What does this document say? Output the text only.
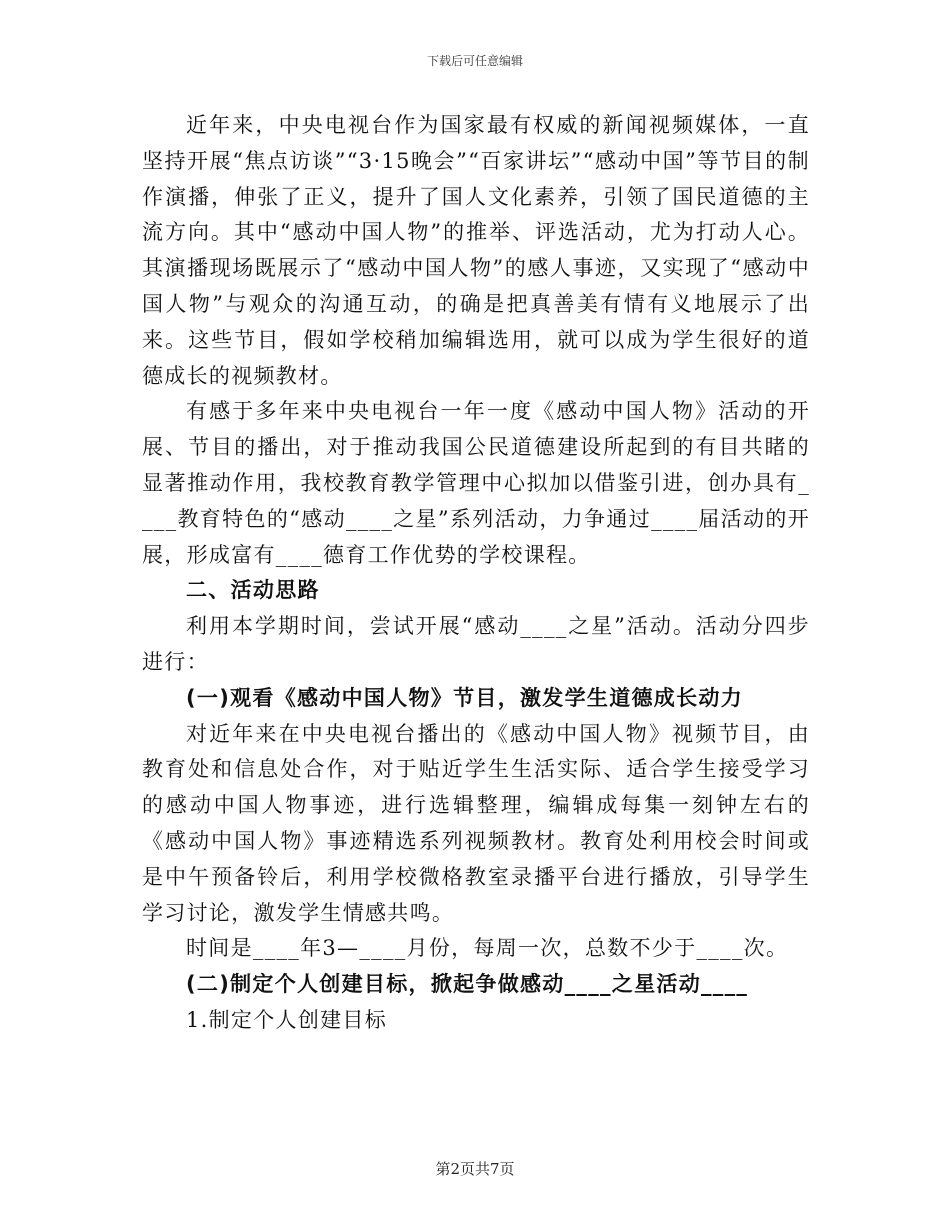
下载后可任意编辑

近年来，中央电视台作为国家最有权威的新闻视频媒体，一直坚持开展“焦点访谈”“3·15晚会”“百家讲坛”“感动中国”等节目的制作演播，伸张了正义，提升了国人文化素养，引领了国民道德的主流方向。其中“感动中国人物”的推举、评选活动，尤为打动人心。其演播现场既展示了“感动中国人物”的感人事迹，又实现了“感动中国人物”与观众的沟通互动，的确是把真善美有情有义地展示了出来。这些节目，假如学校稍加编辑选用，就可以成为学生很好的道德成长的视频教材。

有感于多年来中央电视台一年一度《感动中国人物》活动的开展、节目的播出，对于推动我国公民道德建设所起到的有目共睹的显著推动作用，我校教育教学管理中心拟加以借鉴引进，创办具有____教育特色的“感动____之星”系列活动，力争通过____届活动的开展，形成富有____德育工作优势的学校课程。

二、活动思路

利用本学期时间，尝试开展“感动____之星”活动。活动分四步进行：

(一)观看《感动中国人物》节目，激发学生道德成长动力

对近年来在中央电视台播出的《感动中国人物》视频节目，由教育处和信息处合作，对于贴近学生生活实际、适合学生接受学习的感动中国人物事迹，进行选辑整理，编辑成每集一刻钟左右的《感动中国人物》事迹精选系列视频教材。教育处利用校会时间或是中午预备铃后，利用学校微格教室录播平台进行播放，引导学生学习讨论，激发学生情感共鸣。

时间是____年3—____月份，每周一次，总数不少于____次。

(二)制定个人创建目标，掀起争做感动____之星活动____

1.制定个人创建目标

第2页共7页
